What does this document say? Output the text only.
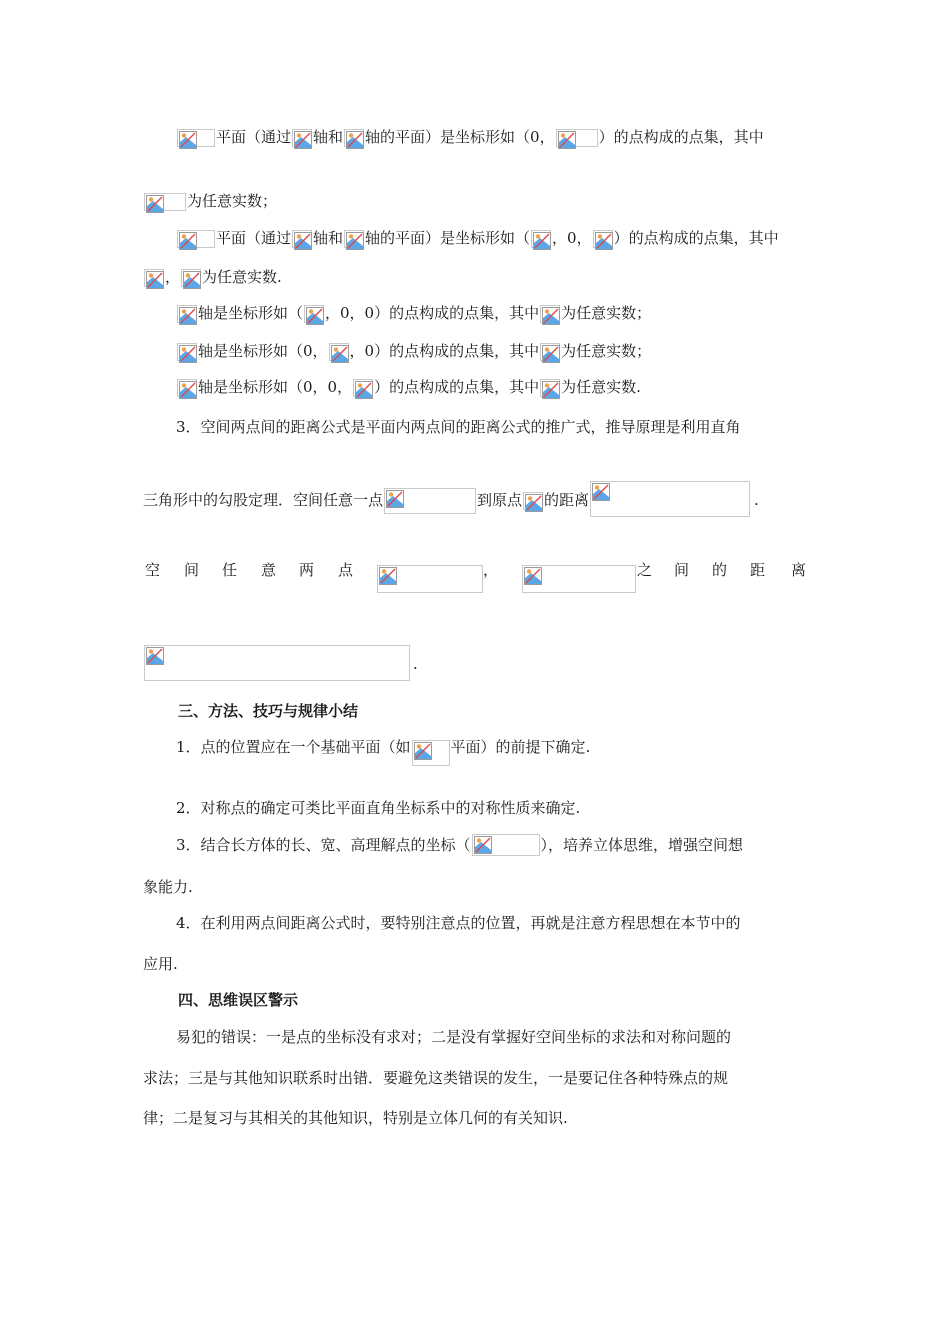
平面（通过 轴和 轴的平面）是坐标形如（0，	）的点构成的点集，其中
为任意实数；
平面（通过 轴和 轴的平面）是坐标形如（ ，0， ）的点构成的点集，其中
， 为任意实数.
轴是坐标形如（ ，0，0）的点构成的点集，其中 为任意实数；
轴是坐标形如（0， ，0）的点构成的点集，其中 为任意实数；
轴是坐标形如（0，0， ）的点构成的点集，其中 为任意实数.
3．空间两点间的距离公式是平面内两点间的距离公式的推广式，推导原理是利用直角
三角形中的勾股定理．空间任意一点	到原点 的距离	.
空 间 任 意 两 点	，	之 间 的 距 离
.
三、方法、技巧与规律小结
1．点的位置应在一个基础平面（如	平面）的前提下确定.
2．对称点的确定可类比平面直角坐标系中的对称性质来确定.
3．结合长方体的长、宽、高理解点的坐标（	），培养立体思维，增强空间想
象能力.
4．在利用两点间距离公式时，要特别注意点的位置，再就是注意方程思想在本节中的
应用.
四、思维误区警示
易犯的错误：一是点的坐标没有求对；二是没有掌握好空间坐标的求法和对称问题的
求法；三是与其他知识联系时出错．要避免这类错误的发生，一是要记住各种特殊点的规
律；二是复习与其相关的其他知识，特别是立体几何的有关知识.
